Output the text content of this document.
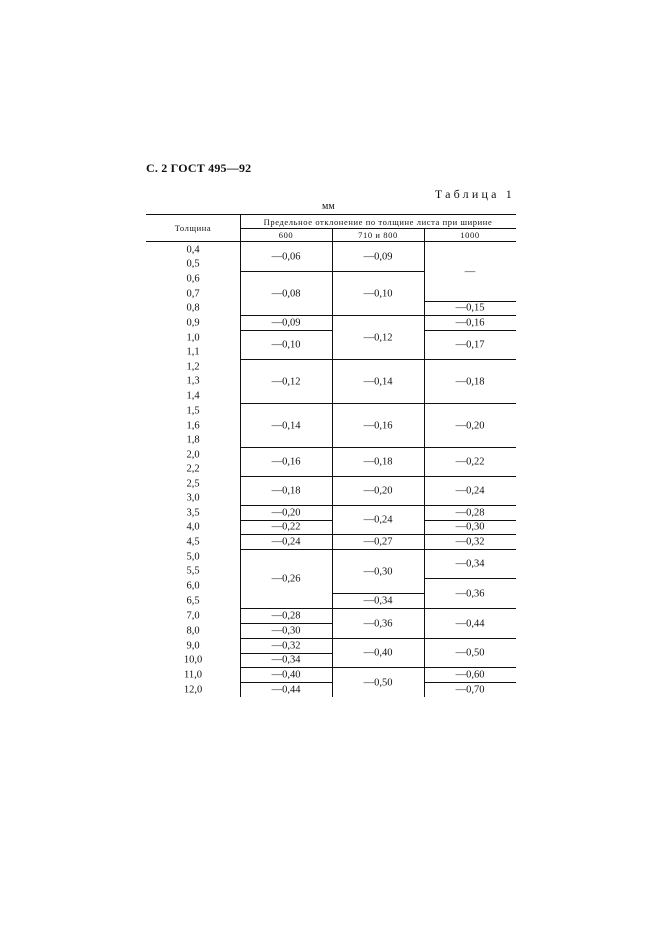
С. 2 ГОСТ 495—92
Таблица 1
мм
Толщина
Предельное отклонение по толщине листа при ширине
600	710 и 800	1000
0,4
0,5
0,6
0,7
0,8
0,9
1,0
1,1
1,2
1,3
1,4
1,5
1,6
1,8
2,0
2,2
2,5
3,0
3,5
4,0
4,5
5,0
5,5
6,0
6,5
7,0
8,0
9,0
10,0
11,0
12,0
—0,06
—0,08
—0,09
—0,10
—0,12
—0,14
—0,16
—0,18
—0,20
—0,22
—0,24
—0,26
—0,28
—0,30
—0,32
—0,34
—0,40
—0,44
—0,09
—0,10
—0,12
—0,14
—0,16
—0,18
—0,20
—0,24
—0,27
—0,30
—0,34
—0,36
—0,40
—0,50
—
—0,15
—0,16
—0,17
—0,18
—0,20
—0,22
—0,24
—0,28
—0,30
—0,32
—0,34
—0,36
—0,44
—0,50
—0,60
—0,70
